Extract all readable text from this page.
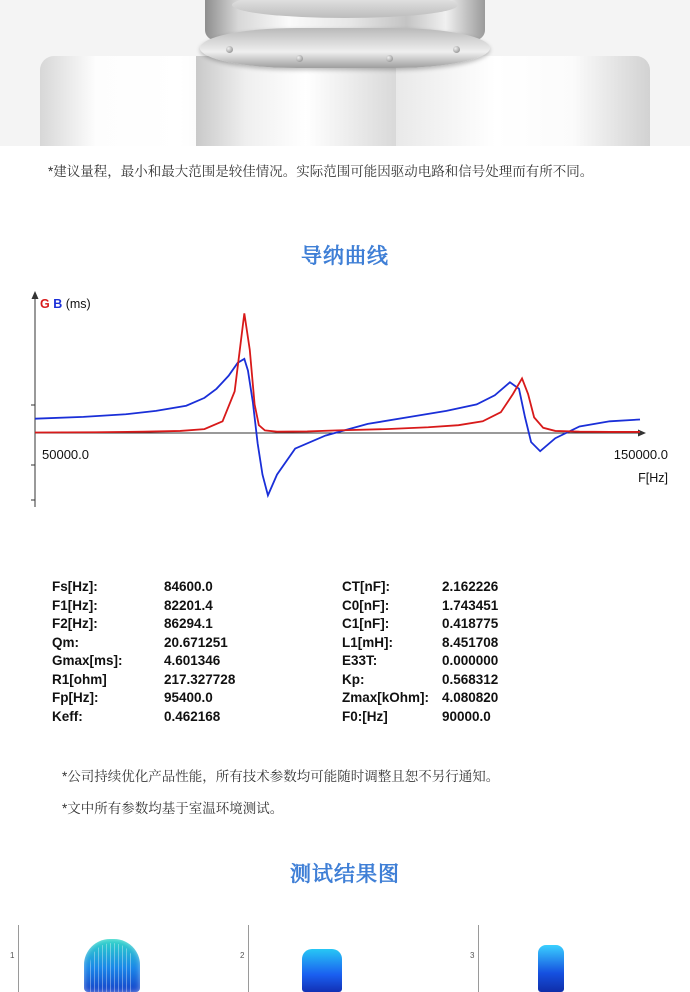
*建议量程，最小和最大范围是较佳情况。实际范围可能因驱动电路和信号处理而有所不同。
导纳曲线
G B (ms)
50000.0	150000.0
F[Hz]
Fs[Hz]:	84600.0	CT[nF]:	2.162226
F1[Hz]:	82201.4	C0[nF]:	1.743451
F2[Hz]:	86294.1	C1[nF]:	0.418775
Qm:	20.671251	L1[mH]:	8.451708
Gmax[ms]:	4.601346	E33T:	0.000000
R1[ohm]	217.327728	Kp:	0.568312
Fp[Hz]:	95400.0	Zmax[kOhm]:	4.080820
Keff:	0.462168	F0:[Hz]	90000.0
*公司持续优化产品性能，所有技术参数均可能随时调整且恕不另行通知。
*文中所有参数均基于室温环境测试。
测试结果图
1	2	3
